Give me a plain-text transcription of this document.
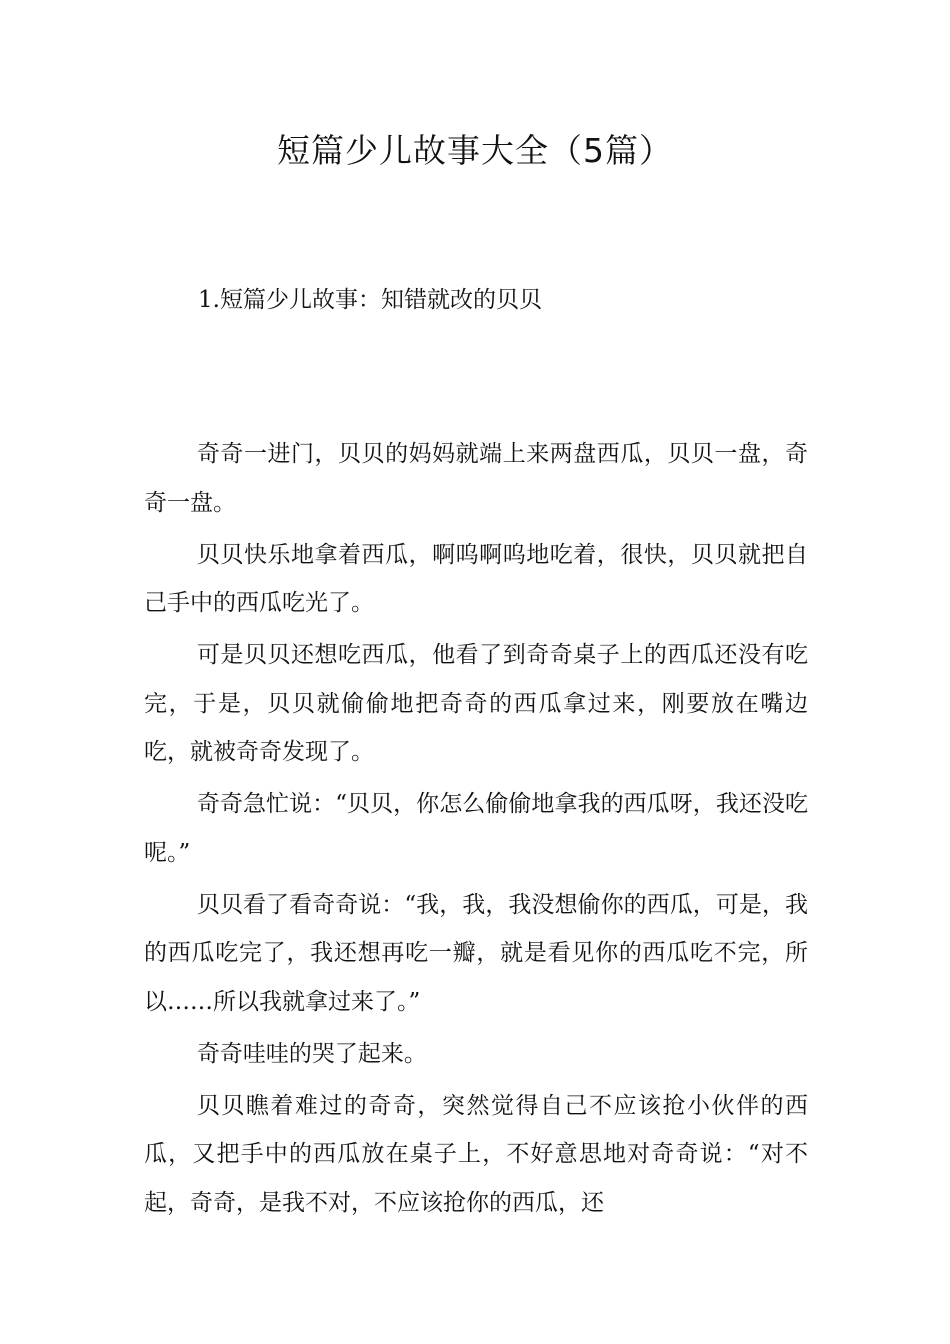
短篇少儿故事大全（5篇）
1.短篇少儿故事：知错就改的贝贝

奇奇一进门，贝贝的妈妈就端上来两盘西瓜，贝贝一盘，奇奇一盘。

贝贝快乐地拿着西瓜，啊呜啊呜地吃着，很快，贝贝就把自己手中的西瓜吃光了。

可是贝贝还想吃西瓜，他看了到奇奇桌子上的西瓜还没有吃完，于是，贝贝就偷偷地把奇奇的西瓜拿过来，刚要放在嘴边吃，就被奇奇发现了。

奇奇急忙说：“贝贝，你怎么偷偷地拿我的西瓜呀，我还没吃呢。”

贝贝看了看奇奇说：“我，我，我没想偷你的西瓜，可是，我的西瓜吃完了，我还想再吃一瓣，就是看见你的西瓜吃不完，所以……所以我就拿过来了。”

奇奇哇哇的哭了起来。

贝贝瞧着难过的奇奇，突然觉得自己不应该抢小伙伴的西瓜，又把手中的西瓜放在桌子上，不好意思地对奇奇说：“对不起，奇奇，是我不对，不应该抢你的西瓜，还
